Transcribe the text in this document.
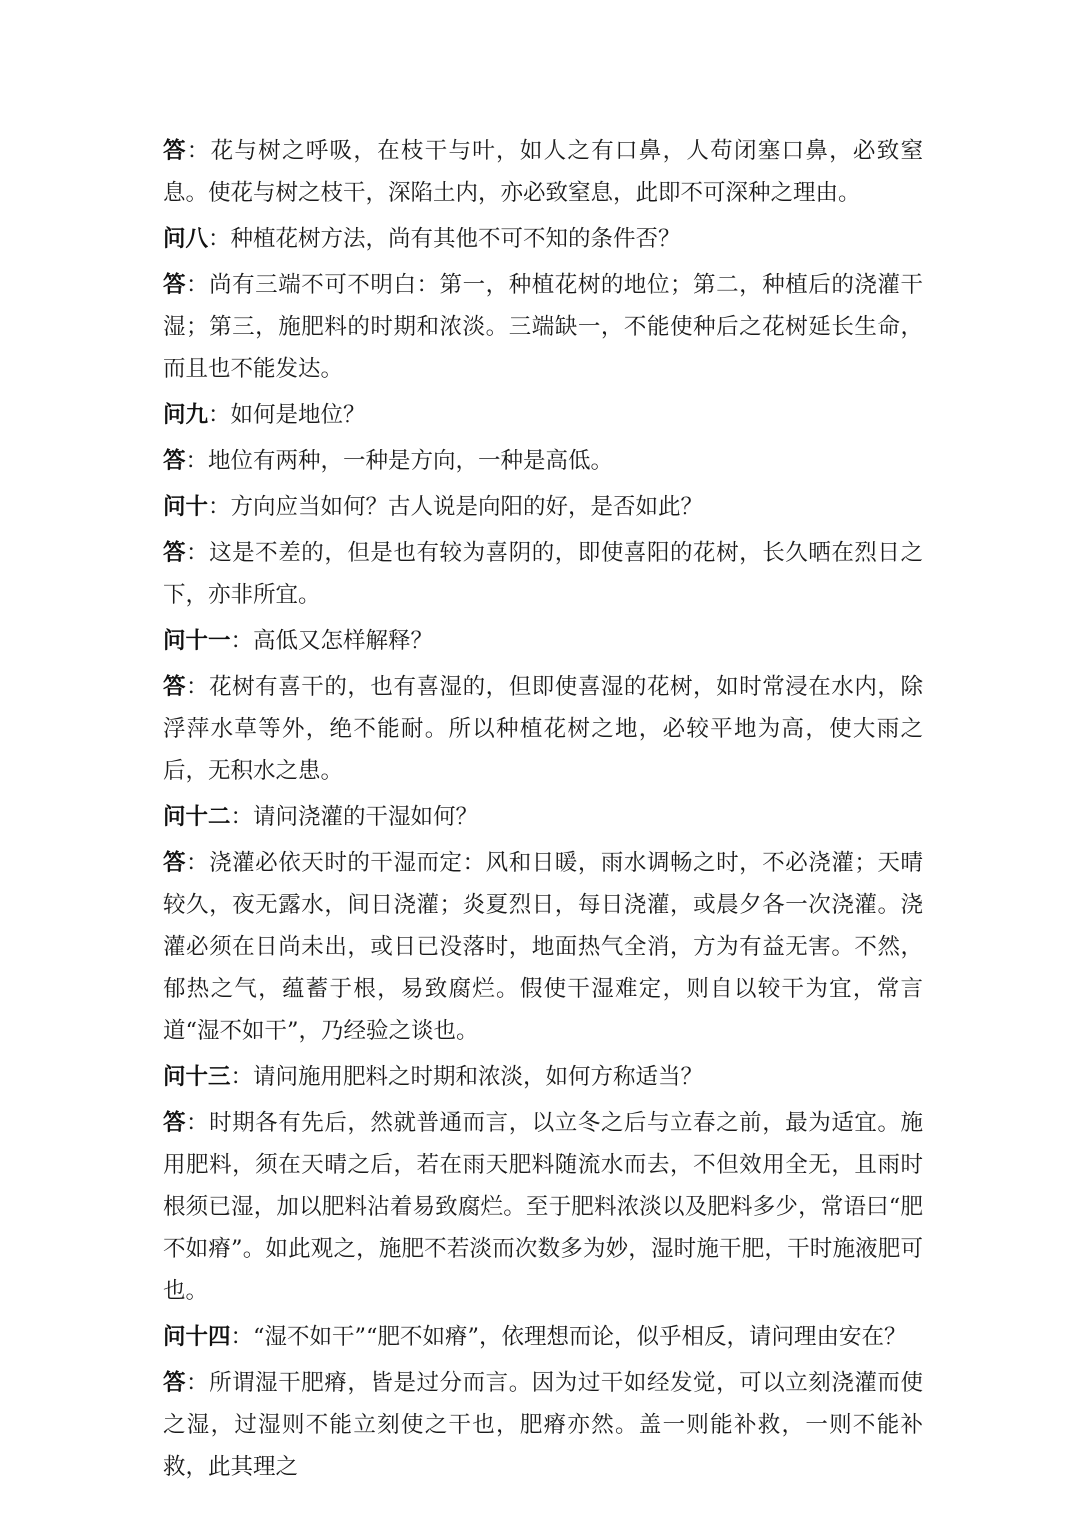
答：花与树之呼吸，在枝干与叶，如人之有口鼻，人苟闭塞口鼻，必致窒息。使花与树之枝干，深陷土内，亦必致窒息，此即不可深种之理由。

问八：种植花树方法，尚有其他不可不知的条件否？

答：尚有三端不可不明白：第一，种植花树的地位；第二，种植后的浇灌干湿；第三，施肥料的时期和浓淡。三端缺一，不能使种后之花树延长生命，而且也不能发达。

问九：如何是地位？

答：地位有两种，一种是方向，一种是高低。

问十：方向应当如何？古人说是向阳的好，是否如此？

答：这是不差的，但是也有较为喜阴的，即使喜阳的花树，长久晒在烈日之下，亦非所宜。

问十一：高低又怎样解释？

答：花树有喜干的，也有喜湿的，但即使喜湿的花树，如时常浸在水内，除浮萍水草等外，绝不能耐。所以种植花树之地，必较平地为高，使大雨之后，无积水之患。

问十二：请问浇灌的干湿如何？

答：浇灌必依天时的干湿而定：风和日暖，雨水调畅之时，不必浇灌；天晴较久，夜无露水，间日浇灌；炎夏烈日，每日浇灌，或晨夕各一次浇灌。浇灌必须在日尚未出，或日已没落时，地面热气全消，方为有益无害。不然，郁热之气，蕴蓄于根，易致腐烂。假使干湿难定，则自以较干为宜，常言道“湿不如干”，乃经验之谈也。

问十三：请问施用肥料之时期和浓淡，如何方称适当？

答：时期各有先后，然就普通而言，以立冬之后与立春之前，最为适宜。施用肥料，须在天晴之后，若在雨天肥料随流水而去，不但效用全无，且雨时根须已湿，加以肥料沾着易致腐烂。至于肥料浓淡以及肥料多少，常语曰“肥不如瘠”。如此观之，施肥不若淡而次数多为妙，湿时施干肥，干时施液肥可也。

问十四：“湿不如干”“肥不如瘠”，依理想而论，似乎相反，请问理由安在？

答：所谓湿干肥瘠，皆是过分而言。因为过干如经发觉，可以立刻浇灌而使之湿，过湿则不能立刻使之干也，肥瘠亦然。盖一则能补救，一则不能补救，此其理之
